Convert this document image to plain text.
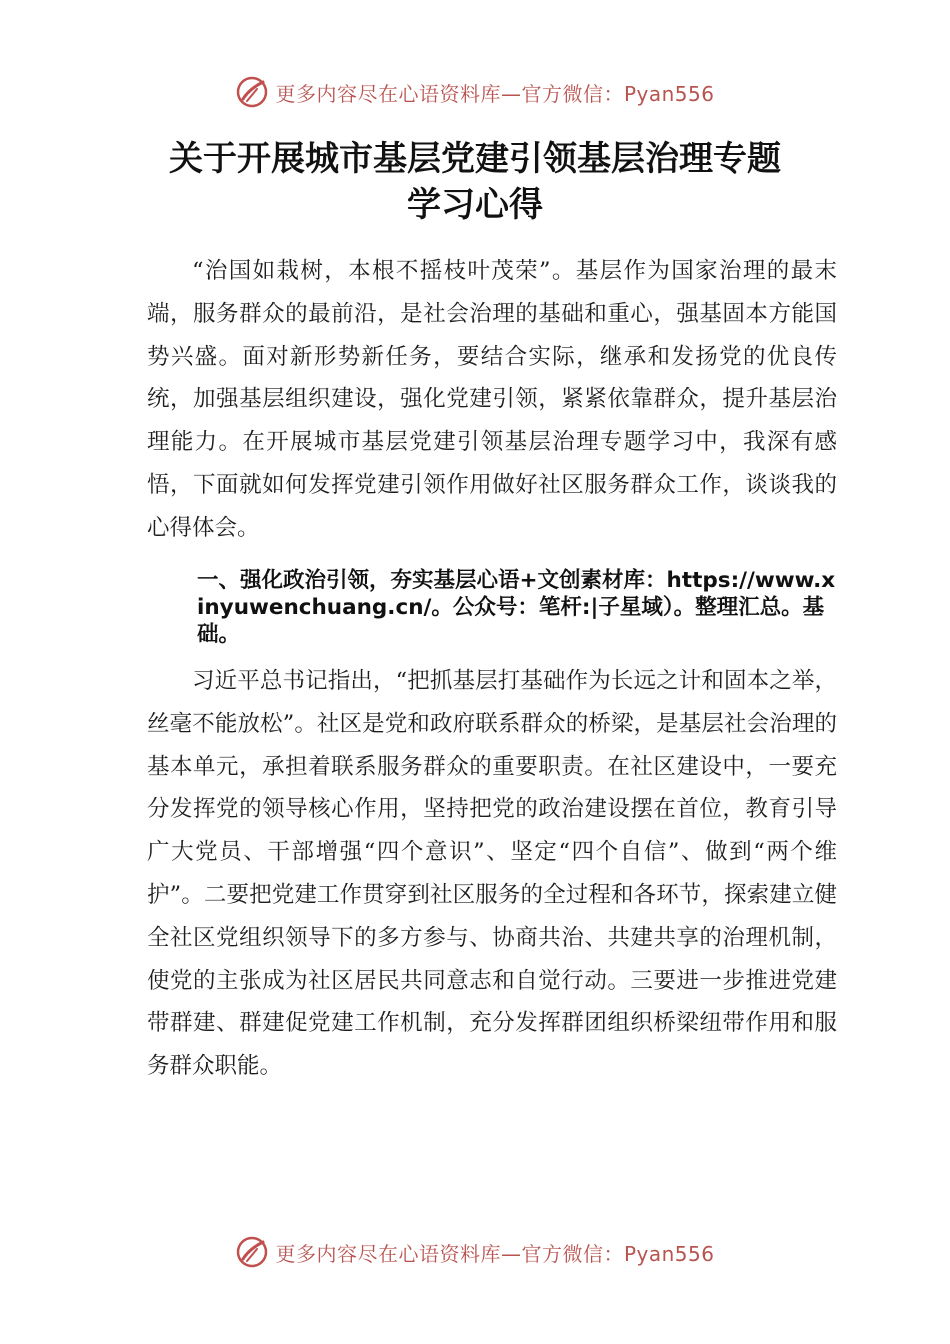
更多内容尽在心语资料库—官方微信：Pyan556
关于开展城市基层党建引领基层治理专题
学习心得

“治国如栽树，本根不摇枝叶茂荣”。基层作为国家治理的最末端，服务群众的最前沿，是社会治理的基础和重心，强基固本方能国势兴盛。面对新形势新任务，要结合实际，继承和发扬党的优良传统，加强基层组织建设，强化党建引领，紧紧依靠群众，提升基层治理能力。在开展城市基层党建引领基层治理专题学习中，我深有感悟，下面就如何发挥党建引领作用做好社区服务群众工作，谈谈我的心得体会。

一、强化政治引领，夯实基层心语+文创素材库：https://www.xinyuwenchuang.cn/。公众号：笔杆:|子星域）。整理汇总。基础。

习近平总书记指出，“把抓基层打基础作为长远之计和固本之举，丝毫不能放松”。社区是党和政府联系群众的桥梁，是基层社会治理的基本单元，承担着联系服务群众的重要职责。在社区建设中，一要充分发挥党的领导核心作用，坚持把党的政治建设摆在首位，教育引导广大党员、干部增强“四个意识”、坚定“四个自信”、做到“两个维护”。二要把党建工作贯穿到社区服务的全过程和各环节，探索建立健全社区党组织领导下的多方参与、协商共治、共建共享的治理机制，使党的主张成为社区居民共同意志和自觉行动。三要进一步推进党建带群建、群建促党建工作机制，充分发挥群团组织桥梁纽带作用和服务群众职能。

更多内容尽在心语资料库—官方微信：Pyan556
